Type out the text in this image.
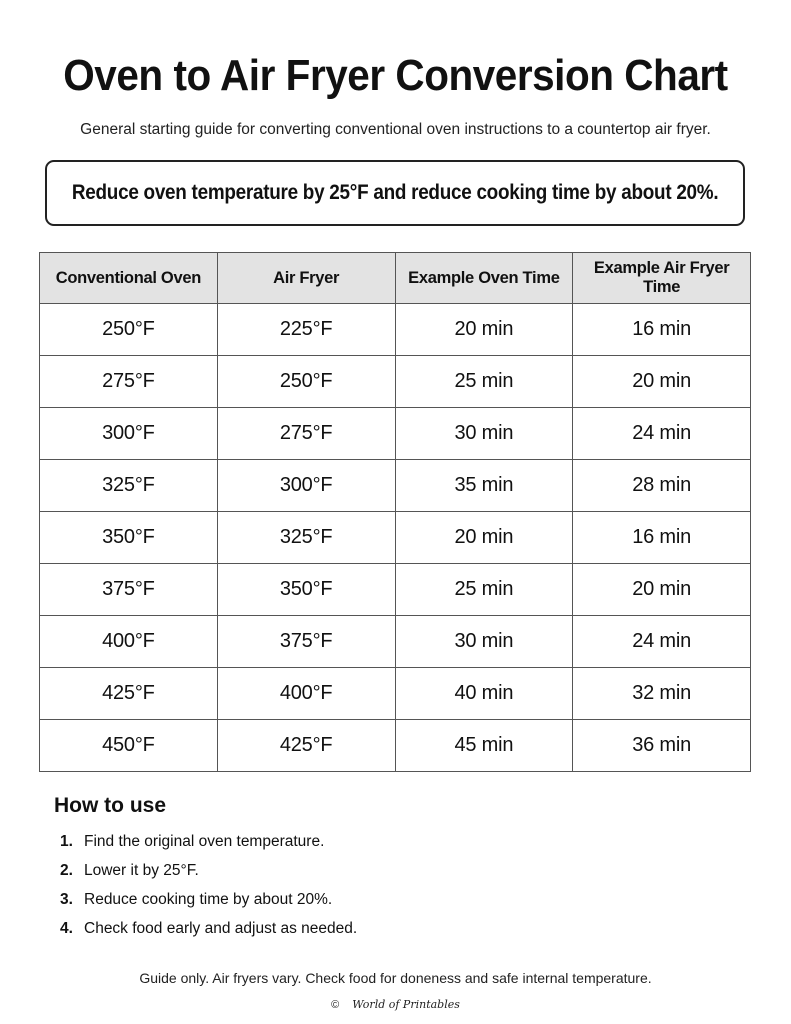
Oven to Air Fryer Conversion Chart
General starting guide for converting conventional oven instructions to a countertop air fryer.
Reduce oven temperature by 25°F and reduce cooking time by about 20%.
Conventional Oven	Air Fryer	Example Oven Time	Example Air Fryer Time
250°F	225°F	20 min	16 min
275°F	250°F	25 min	20 min
300°F	275°F	30 min	24 min
325°F	300°F	35 min	28 min
350°F	325°F	20 min	16 min
375°F	350°F	25 min	20 min
400°F	375°F	30 min	24 min
425°F	400°F	40 min	32 min
450°F	425°F	45 min	36 min
How to use
1. Find the original oven temperature.
2. Lower it by 25°F.
3. Reduce cooking time by about 20%.
4. Check food early and adjust as needed.
Guide only. Air fryers vary. Check food for doneness and safe internal temperature.
© World of Printables
